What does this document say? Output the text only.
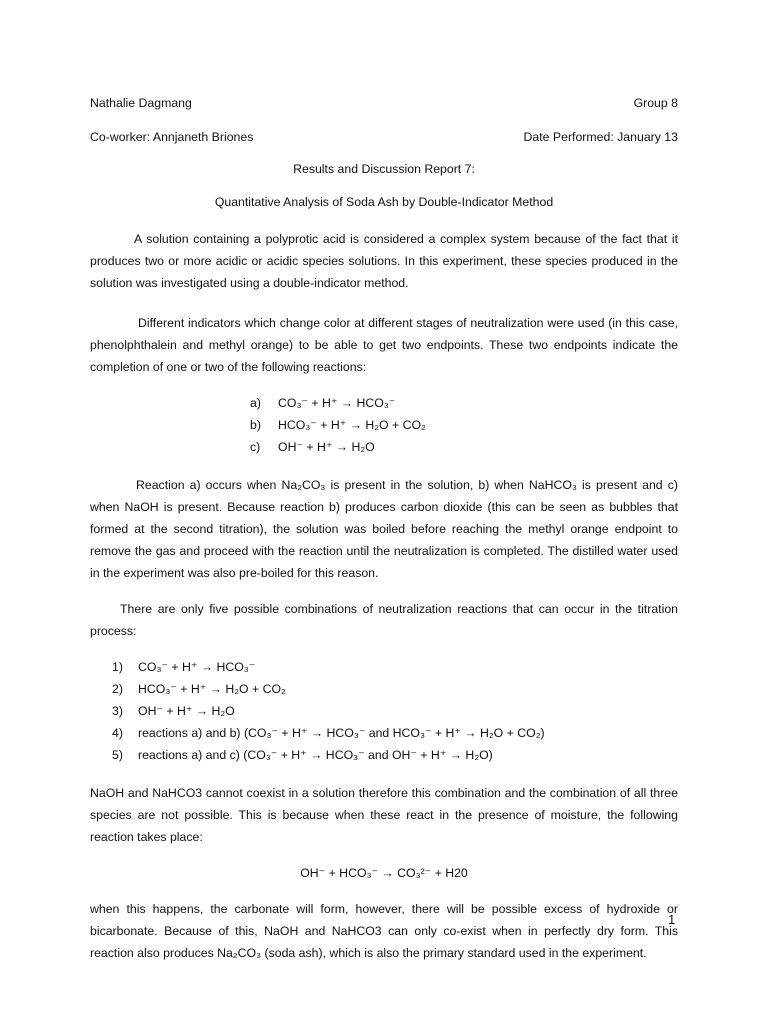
Nathalie Dagmang	Group 8
Co-worker: Annjaneth Briones	Date Performed: January 13
Results and Discussion Report 7:
Quantitative Analysis of Soda Ash by Double-Indicator Method

A solution containing a polyprotic acid is considered a complex system because of the fact that it produces two or more acidic or acidic species solutions. In this experiment, these species produced in the solution was investigated using a double-indicator method.

Different indicators which change color at different stages of neutralization were used (in this case, phenolphthalein and methyl orange) to be able to get two endpoints. These two endpoints indicate the completion of one or two of the following reactions:

a)	CO₃⁻ + H⁺ → HCO₃⁻
b)	HCO₃⁻ + H⁺ → H₂O + CO₂
c)	OH⁻ + H⁺ → H₂O

Reaction a) occurs when Na₂CO₃ is present in the solution, b) when NaHCO₃ is present and c) when NaOH is present. Because reaction b) produces carbon dioxide (this can be seen as bubbles that formed at the second titration), the solution was boiled before reaching the methyl orange endpoint to remove the gas and proceed with the reaction until the neutralization is completed. The distilled water used in the experiment was also pre-boiled for this reason.

There are only five possible combinations of neutralization reactions that can occur in the titration process:

1)	CO₃⁻ + H⁺ → HCO₃⁻
2)	HCO₃⁻ + H⁺ → H₂O + CO₂
3)	OH⁻ + H⁺ → H₂O
4)	reactions a) and b) (CO₃⁻ + H⁺ → HCO₃⁻ and HCO₃⁻ + H⁺ → H₂O + CO₂)
5)	reactions a) and c) (CO₃⁻ + H⁺ → HCO₃⁻ and OH⁻ + H⁺ → H₂O)

NaOH and NaHCO3 cannot coexist in a solution therefore this combination and the combination of all three species are not possible. This is because when these react in the presence of moisture, the following reaction takes place:

OH⁻ + HCO₃⁻ → CO₃²⁻ + H20

when this happens, the carbonate will form, however, there will be possible excess of hydroxide or bicarbonate. Because of this, NaOH and NaHCO3 can only co-exist when in perfectly dry form. This reaction also produces Na₂CO₃ (soda ash), which is also the primary standard used in the experiment.

1
